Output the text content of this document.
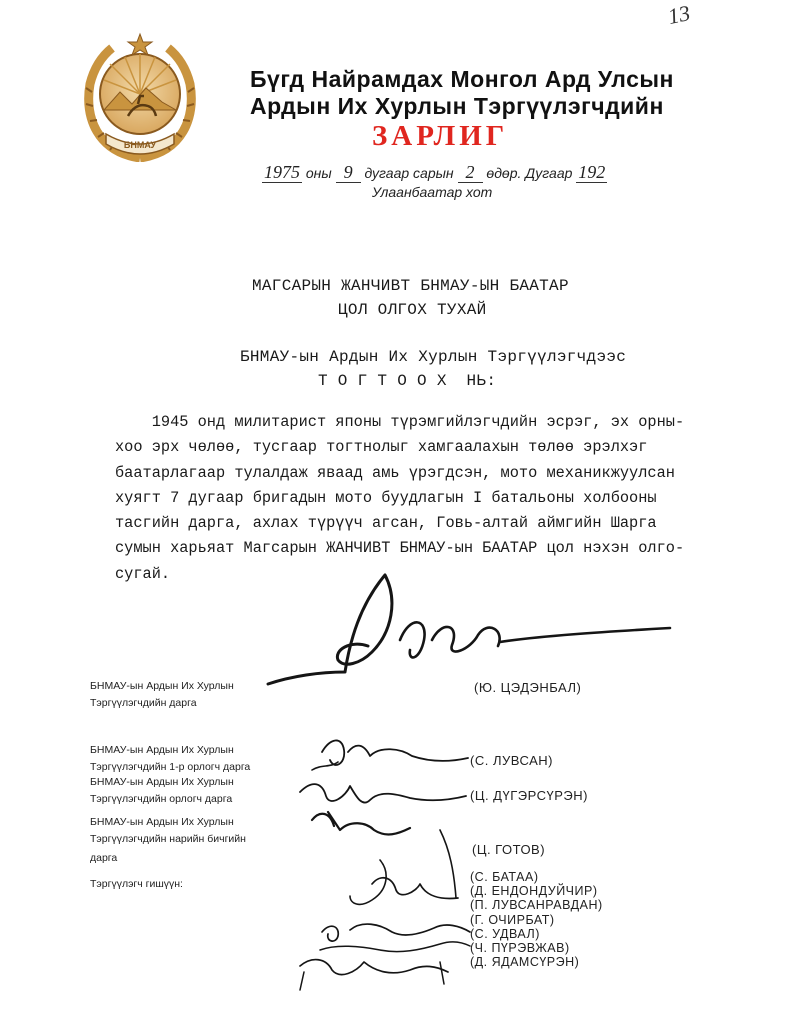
13
БНМАУ
Бүгд Найрамдах Монгол Ард Улсын
Ардын Их Хурлын Тэргүүлэгчдийн
ЗАРЛИГ
1975 оны 9 дугаар сарын 2 өдөр. Дугаар 192
Улаанбаатар хот
МАГСАРЫН ЖАНЧИВТ БНМАУ-ЫН БААТАР
ЦОЛ ОЛГОХ ТУХАЙ
БНМАУ-ын Ардын Их Хурлын Тэргүүлэгчдээс
Т О Г Т О О Х  НЬ:

1945 онд милитарист японы түрэмгийлэгчдийн эсрэг, эх орны-

хоо эрх чөлөө, тусгаар тогтнолыг хамгаалахын төлөө эрэлхэг

баатарлагаар тулалдаж яваад амь үрэгдсэн, мото механикжуулсан

хуягт 7 дугаар бригадын мото буудлагын I батальоны холбооны

тасгийн дарга, ахлах түрүүч агсан, Говь-алтай аймгийн Шарга

сумын харьяат Магсарын ЖАНЧИВТ БНМАУ-ын БААТАР цол нэхэн олго-

сугай.

БНМАУ-ын Ардын Их Хурлын
Тэргүүлэгчдийн дарга
(Ю. ЦЭДЭНБАЛ)
БНМАУ-ын Ардын Их Хурлын
Тэргүүлэгчдийн 1-р орлогч дарга	(С. ЛУВСАН)
БНМАУ-ын Ардын Их Хурлын
Тэргүүлэгчдийн орлогч дарга	(Ц. ДҮГЭРСҮРЭН)
БНМАУ-ын Ардын Их Хурлын
Тэргүүлэгчдийн нарийн бичгийн
дарга
(Ц. ГОТОВ)
Тэргүүлэгч гишүүн:	(С. БАТАА)
(Д. ЕНДОНДУЙЧИР)
(П. ЛУВСАНРАВДАН)
(Г. ОЧИРБАТ)
(С. УДВАЛ)
(Ч. ПҮРЭВЖАВ)
(Д. ЯДАМСҮРЭН)
